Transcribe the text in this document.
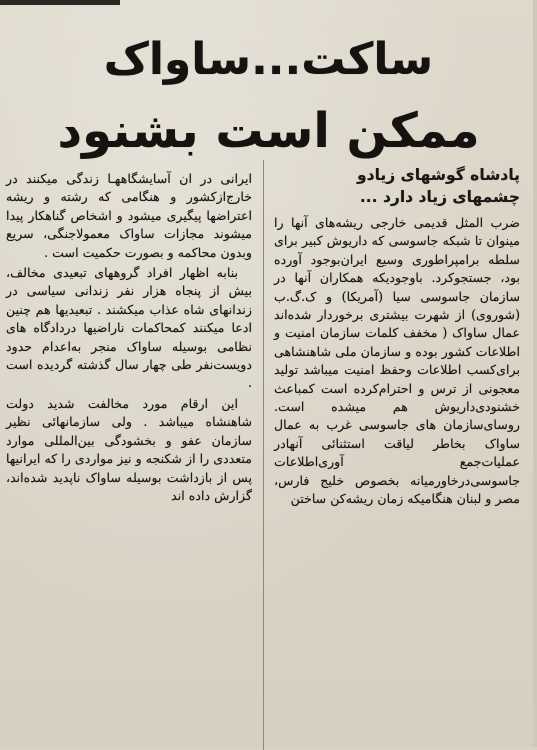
ساکت...ساواک
ممکن است بشنود
پادشاه گوشهای زیادو
چشمهای زیاد دارد ...

ضرب المثل قدیمی خارجی ریشه‌های آنها را مینوان تا شبکه جاسوسی که داریوش کبیر برای سلطه برامپراطوری وسیع ایران‌بوجود آورده بود، جستجوکرد. باوجودیکه همکاران آنها در سازمان جاسوسی سیا (آمریکا) و ک.گ.ب (شوروی) از شهرت بیشتری برخوردار شده‌اند عمال ساواک ( مخفف کلمات سازمان امنیت و اطلاعات کشور بوده و سازمان ملی شاهنشاهی برای‌کسب اطلاعات وحفظ امنیت میباشد تولید معجونی از ترس و احترام‌کرده است کمباعث خشنودی‌داریوش هم میشده است. روسای‌سازمان های جاسوسی غرب به عمال ساواک بخاطر لیاقت استثنائی آنهادر عملیات‌جمع آوری‌اطلاعات جاسوسی‌درخاورمیانه بخصوص خلیج فارس، مصر و لبنان هنگامیکه زمان ریشه‌کن ساختن

ایرانی در ان آسایشگاههـا زندگی میکنند در خارج‌ازکشور و هنگامی که رشته و ریشه اعتراضها پیگیری میشود و اشخاص گناهکار پیدا میشوند مجازات ساواک معمولا‌جنگی، سریع وبدون محاکمه و بصورت حکمیت است .

بنابه اظهار افراد گروههای تبعیدی مخالف، بیش از پنجاه هزار نفر زندانی سیاسی در زندانهای شاه عذاب میکشند . تبعیدیها هم چنین ادعا میکنند کمحاکمات ناراضیها دردادگاه های نظامی بوسیله ساواک منجر به‌اعدام حدود دویست‌نفر طی چهار سال گذشته گردیده است .

این ارقام مورد مخالفت شدید دولت شاهنشاه میباشد . ولی سازمانهائی نظیر سازمان عفو و بخشودگی بین‌المللی موارد متعددی را از شکنجه و نیز مواردی را که ایرانیها پس از بازداشت بوسیله ساواک ناپدید شده‌اند، گزارش داده اند
